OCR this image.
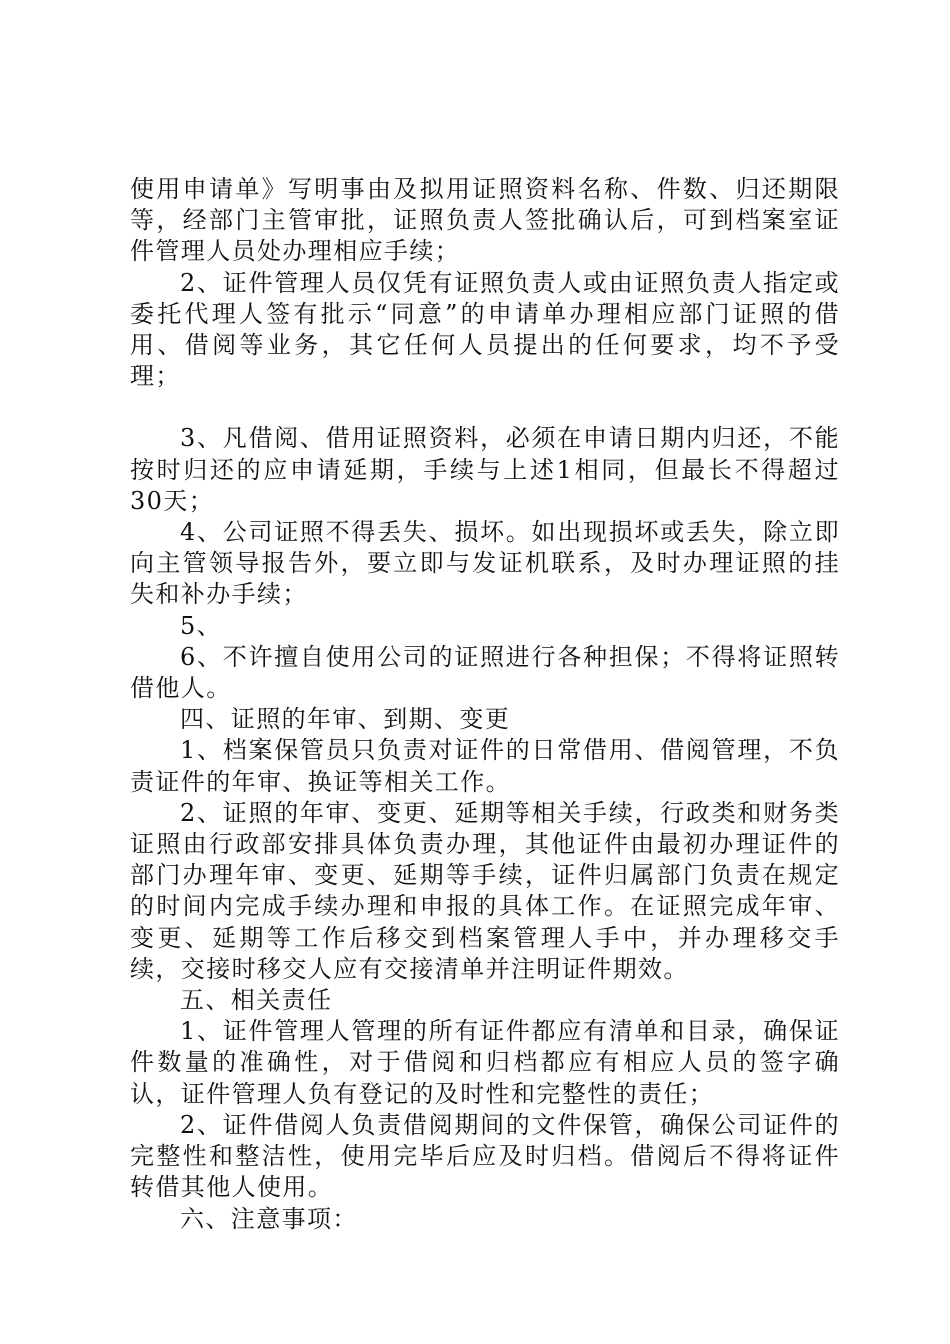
使用申请单》写明事由及拟用证照资料名称、件数、归还期限等，经部门主管审批，证照负责人签批确认后，可到档案室证件管理人员处办理相应手续；

2、证件管理人员仅凭有证照负责人或由证照负责人指定或委托代理人签有批示“同意”的申请单办理相应部门证照的借用、借阅等业务，其它任何人员提出的任何要求，均不予受理；

3、凡借阅、借用证照资料，必须在申请日期内归还，不能按时归还的应申请延期，手续与上述1相同，但最长不得超过30天；

4、公司证照不得丢失、损坏。如出现损坏或丢失，除立即向主管领导报告外，要立即与发证机联系，及时办理证照的挂失和补办手续；

5、

6、不许擅自使用公司的证照进行各种担保；不得将证照转借他人。

四、证照的年审、到期、变更

1、档案保管员只负责对证件的日常借用、借阅管理，不负责证件的年审、换证等相关工作。

2、证照的年审、变更、延期等相关手续，行政类和财务类证照由行政部安排具体负责办理，其他证件由最初办理证件的部门办理年审、变更、延期等手续，证件归属部门负责在规定的时间内完成手续办理和申报的具体工作。在证照完成年审、变更、延期等工作后移交到档案管理人手中，并办理移交手续，交接时移交人应有交接清单并注明证件期效。

五、相关责任

1、证件管理人管理的所有证件都应有清单和目录，确保证件数量的准确性，对于借阅和归档都应有相应人员的签字确认，证件管理人负有登记的及时性和完整性的责任；

2、证件借阅人负责借阅期间的文件保管，确保公司证件的完整性和整洁性，使用完毕后应及时归档。借阅后不得将证件转借其他人使用。

六、注意事项：
